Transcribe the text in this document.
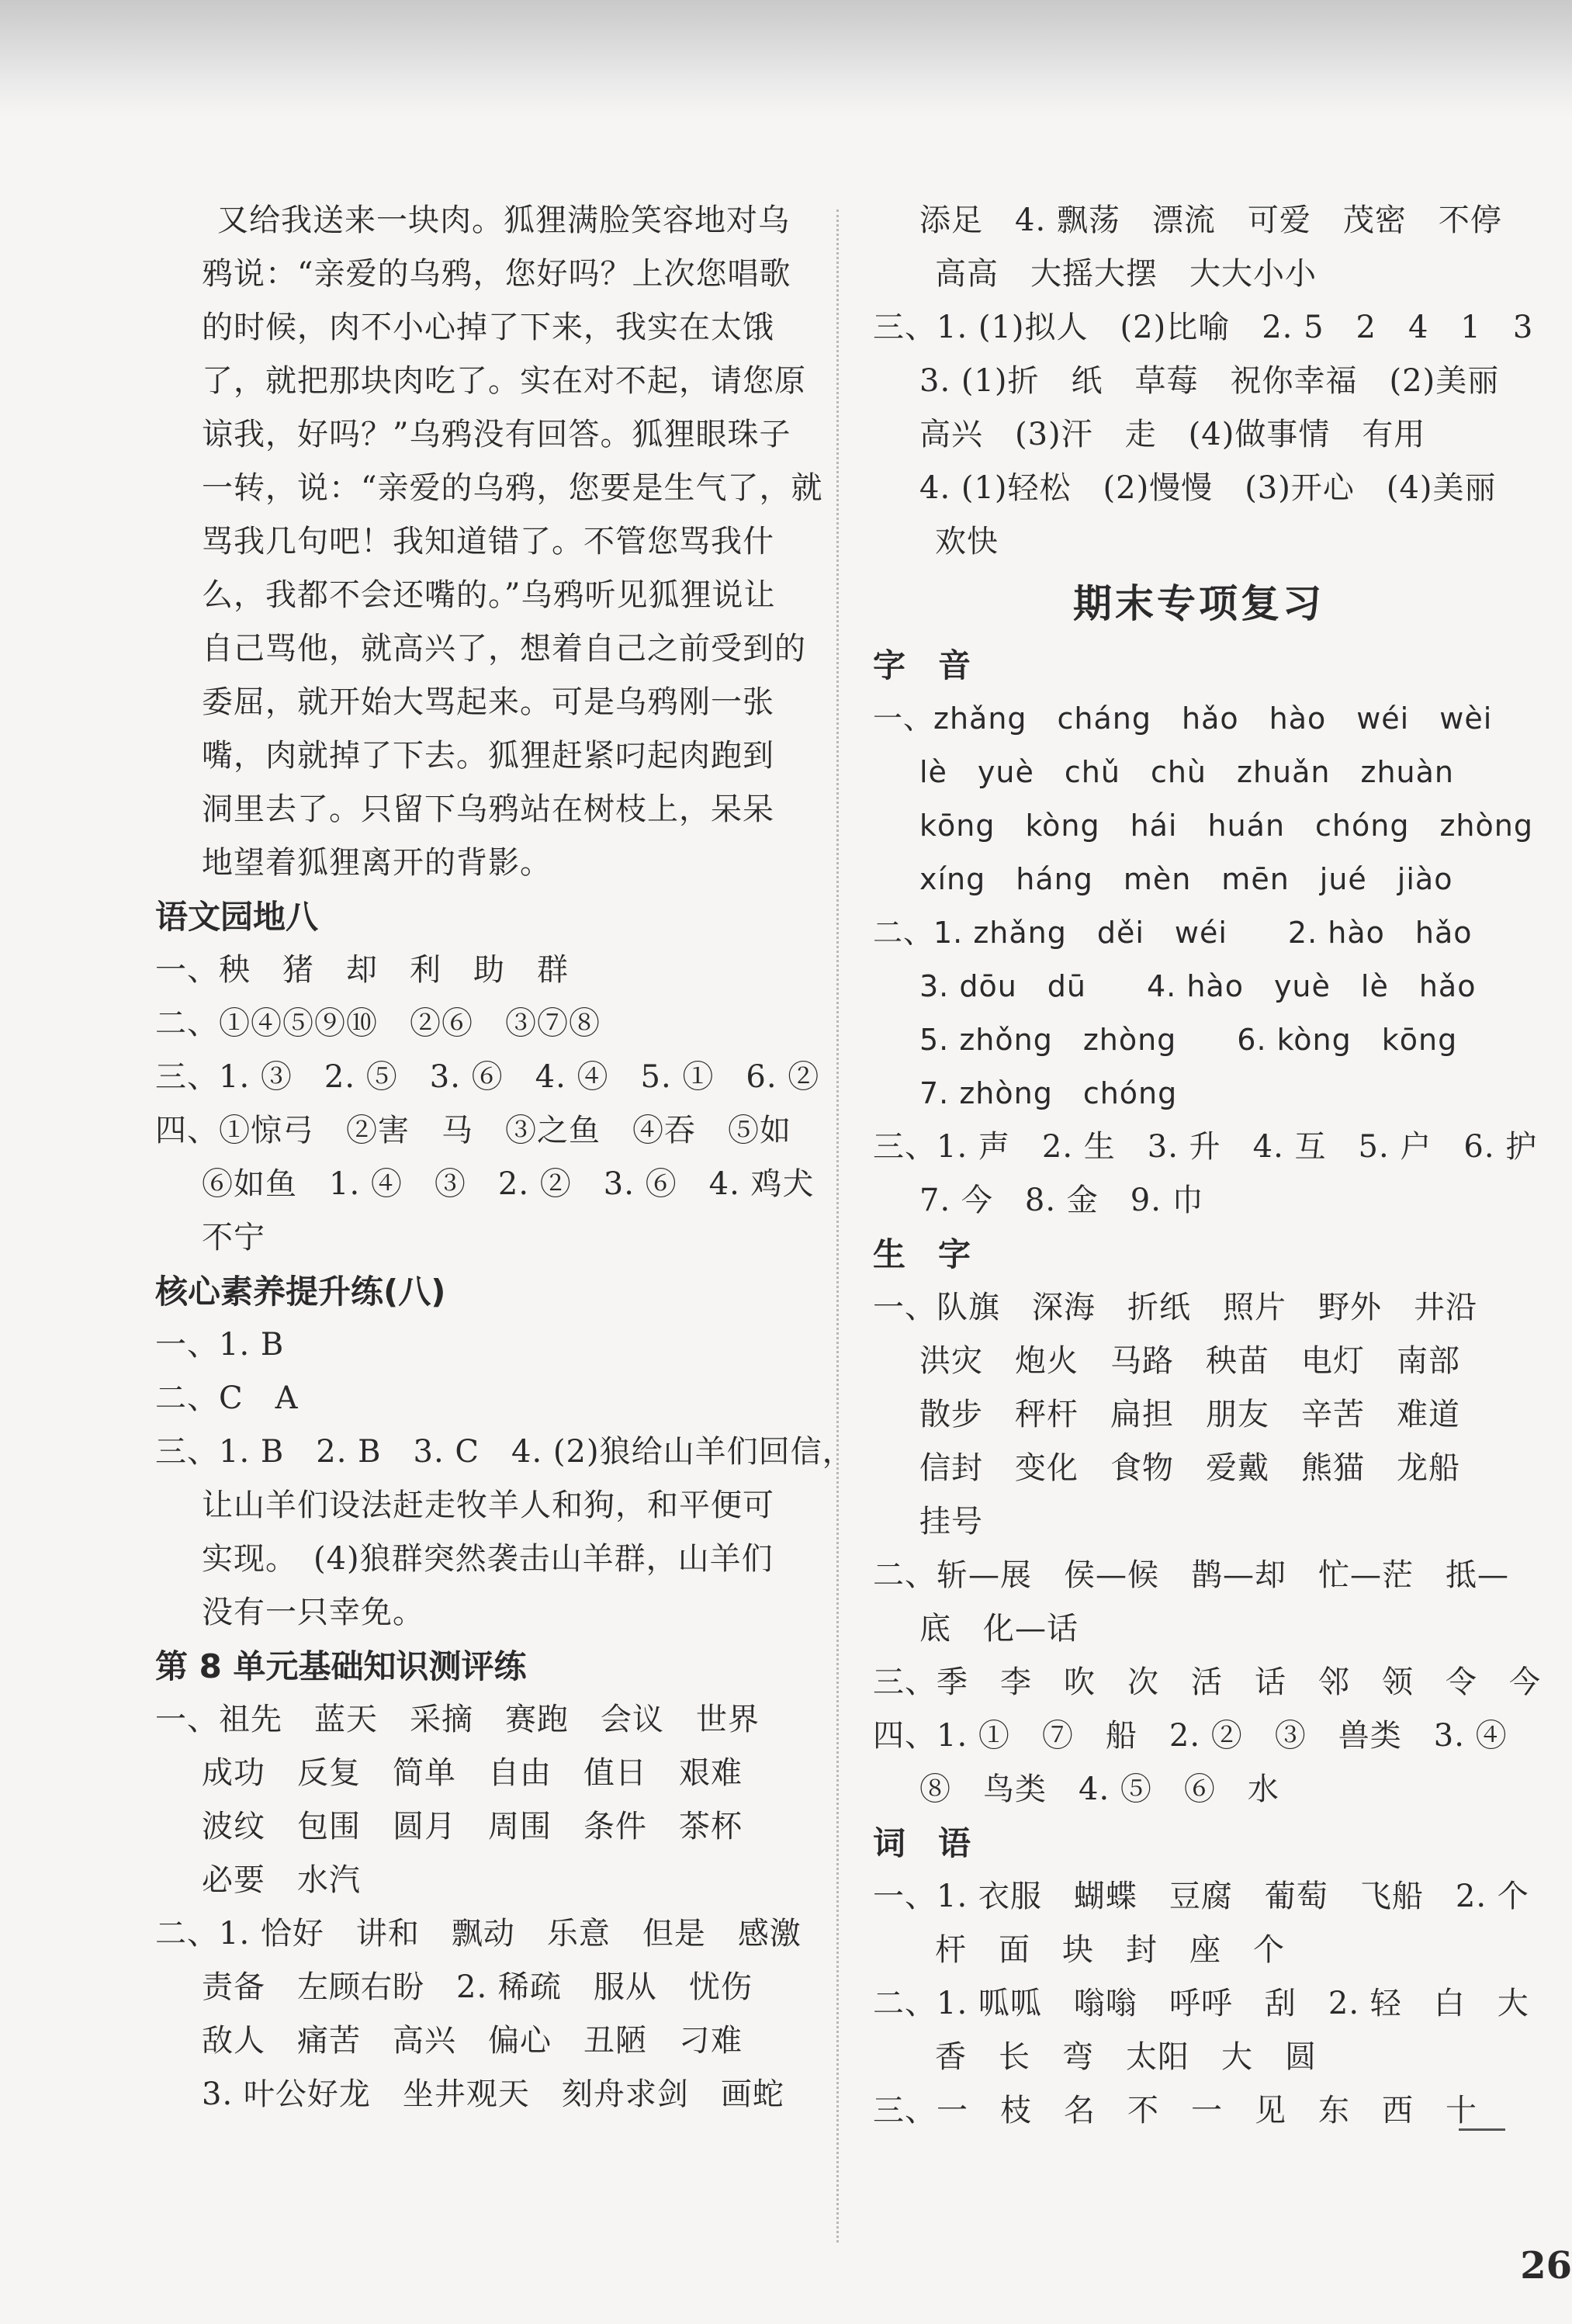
又给我送来一块肉。狐狸满脸笑容地对乌
鸦说：“亲爱的乌鸦，您好吗？上次您唱歌
的时候，肉不小心掉了下来，我实在太饿
了，就把那块肉吃了。实在对不起，请您原
谅我，好吗？”乌鸦没有回答。狐狸眼珠子
一转，说：“亲爱的乌鸦，您要是生气了，就
骂我几句吧！我知道错了。不管您骂我什
么，我都不会还嘴的。”乌鸦听见狐狸说让
自己骂他，就高兴了，想着自己之前受到的
委屈，就开始大骂起来。可是乌鸦刚一张
嘴，肉就掉了下去。狐狸赶紧叼起肉跑到
洞里去了。只留下乌鸦站在树枝上，呆呆
地望着狐狸离开的背影。
语文园地八
一、秧　猪　却　利　助　群
二、①④⑤⑨⑩　②⑥　③⑦⑧
三、1. ③　2. ⑤　3. ⑥　4. ④　5. ①　6. ②
四、①惊弓　②害　马　③之鱼　④吞　⑤如
⑥如鱼　1. ④　③　2. ②　3. ⑥　4. 鸡犬
不宁
核心素养提升练(八)
一、1. B
二、C　A
三、1. B　2. B　3. C　4. (2)狼给山羊们回信，
让山羊们设法赶走牧羊人和狗，和平便可
实现。　(4)狼群突然袭击山羊群，山羊们
没有一只幸免。
第 8 单元基础知识测评练
一、祖先　蓝天　采摘　赛跑　会议　世界
成功　反复　简单　自由　值日　艰难
波纹　包围　圆月　周围　条件　茶杯
必要　水汽
二、1. 恰好　讲和　飘动　乐意　但是　感激
责备　左顾右盼　2. 稀疏　服从　忧伤
敌人　痛苦　高兴　偏心　丑陋　刁难
3. 叶公好龙　坐井观天　刻舟求剑　画蛇
添足　4. 飘荡　漂流　可爱　茂密　不停
高高　大摇大摆　大大小小
三、1. (1)拟人　(2)比喻　2. 5　2　4　1　3
3. (1)折　纸　草莓　祝你幸福　(2)美丽
高兴　(3)汗　走　(4)做事情　有用
4. (1)轻松　(2)慢慢　(3)开心　(4)美丽
欢快
期末专项复习
字　音
一、zhǎng　cháng　hǎo　hào　wéi　wèi
lè　yuè　chǔ　chù　zhuǎn　zhuàn
kōng　kòng　hái　huán　chóng　zhòng
xíng　háng　mèn　mēn　jué　jiào
二、1. zhǎng　děi　wéi　　2. hào　hǎo
3. dōu　dū　　4. hào　yuè　lè　hǎo
5. zhǒng　zhòng　　6. kòng　kōng
7. zhòng　chóng
三、1. 声　2. 生　3. 升　4. 互　5. 户　6. 护
7. 今　8. 金　9. 巾
生　字
一、队旗　深海　折纸　照片　野外　井沿
洪灾　炮火　马路　秧苗　电灯　南部
散步　秤杆　扁担　朋友　辛苦　难道
信封　变化　食物　爱戴　熊猫　龙船
挂号
二、斩—展　侯—候　鹊—却　忙—茫　抵—
底　化—话
三、季　李　吹　次　活　话　邻　领　令　今
四、1. ①　⑦　船　2. ②　③　兽类　3. ④
⑧　鸟类　4. ⑤　⑥　水
词　语
一、1. 衣服　蝴蝶　豆腐　葡萄　飞船　2. 个
杆　面　块　封　座　个
二、1. 呱呱　嗡嗡　呼呼　刮　2. 轻　白　大
香　长　弯　太阳　大　圆
三、一　枝　名　不　一　见　东　西　十
26
